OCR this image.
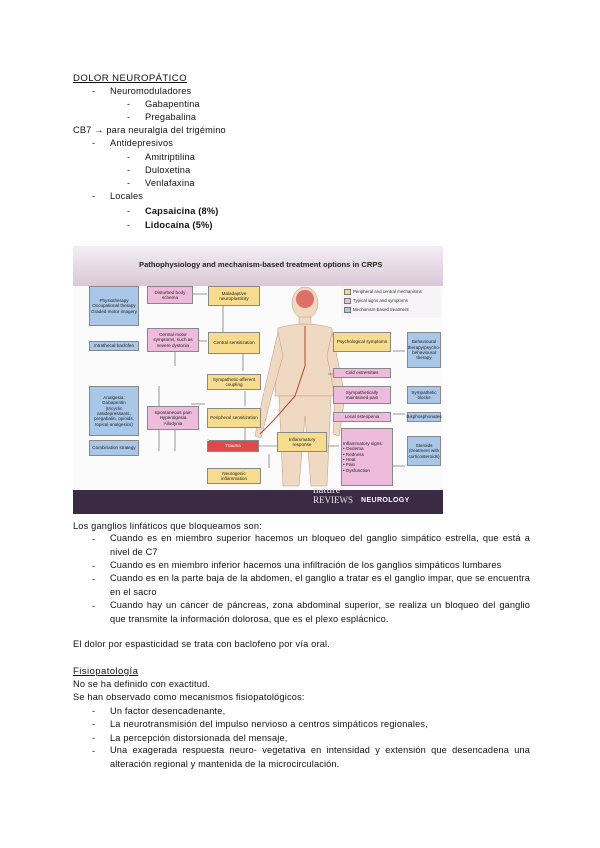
DOLOR NEUROPÁTICO
- Neuromoduladores
- Gabapentina
- Pregabalina
CB7 → para neuralgia del trigémino
- Antidepresivos
- Amitriptilina
- Duloxetina
- Venlafaxina
- Locales
- Capsaicina (8%)
- Lidocaína (5%)
Pathophysiology and mechanism-based treatment options in CRPS
Peripheral and central mechanisms
Typical signs and symptoms
Mechanism-based treatment
Physiotherapy
Occupational therapy
Graded motor imagery
Disturbed body schema
Maladaptive neuroplasticity
Central motor symptoms, such as severe dystonia
Intrathecal baclofen
Central sensitization	Psychological symptoms	Behavioural therapy/psycho-behavioural therapy
Analgesia:
Gabapentin
(tricyclic antidepressants, pregabalin, opioids, topical analgesics)
Sympathetic-afferent coupling
Cold extremities
Sympathetically maintained pain
Sympathetic blocks
Spontaneous pain
Hyperalgesia
Allodynia
Peripheral sensitization	Local osteopenia	Bisphosphonates
Trauma
Inflammatory response	Inflammatory signs:
• Oedema
• Redness
• Heat
• Pain
• Dysfunction
Combination strategy
Neurogenic inflammation
Steroids (treatment with corticosteroids)
nature
REVIEWS NEUROLOGY
Los ganglios linfáticos que bloqueamos son:
- Cuando es en miembro superior hacemos un bloqueo del ganglio simpático estrella, que está a nivel de C7
- Cuando es en miembro inferior hacemos una infiltración de los ganglios simpáticos lumbares
- Cuando es en la parte baja de la abdomen, el ganglio a tratar es el ganglio impar, que se encuentra en el sacro
- Cuando hay un cáncer de páncreas, zona abdominal superior, se realiza un bloqueo del ganglio que transmite la información dolorosa, que es el plexo esplácnico.
El dolor por espasticidad se trata con baclofeno por vía oral.
Fisiopatología
No se ha definido con exactitud.
Se han observado como mecanismos fisiopatológicos:
- Un factor desencadenante,
- La neurotransmisión del impulso nervioso a centros simpáticos regionales,
- La percepción distorsionada del mensaje,
- Una exagerada respuesta neuro- vegetativa en intensidad y extensión que desencadena una alteración regional y mantenida de la microcirculación.
